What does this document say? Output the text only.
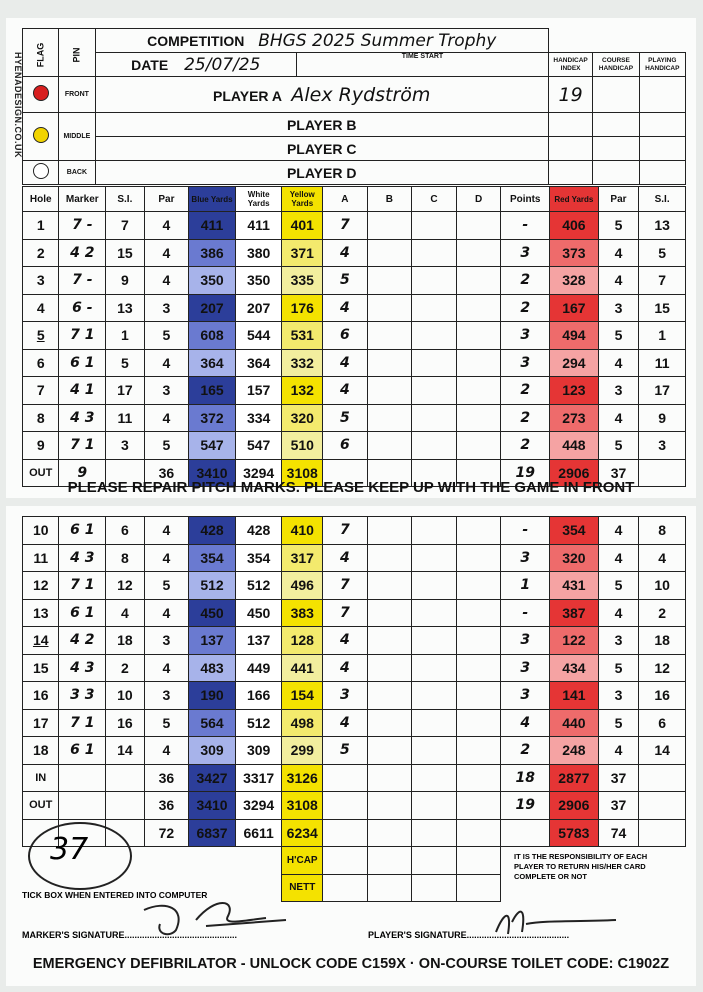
HYENADESIGN.CO.UK FLAG	PIN	COMPETITION BHGS 2025 Summer Trophy				
		DATE 25/07/25	TIME START	HANDICAP INDEX	COURSE HANDICAP	PLAYING HANDICAP
	FRONT	PLAYER A Alex Rydström		19		
	MIDDLE	PLAYER B				
		PLAYER C				
	BACK	PLAYER D				
Hole	Marker	S.I.	Par	Blue Yards	White Yards	Yellow Yards	A	B	C	D	Points	Red Yards	Par	S.I.
1	7 -	7	4	411	411	401	7				-	406	5	13
2	4 2	15	4	386	380	371	4				3	373	4	5
3	7 -	9	4	350	350	335	5				2	328	4	7
4	6 -	13	3	207	207	176	4				2	167	3	15
5	7 1	1	5	608	544	531	6				3	494	5	1
6	6 1	5	4	364	364	332	4				3	294	4	11
7	4 1	17	3	165	157	132	4				2	123	3	17
8	4 3	11	4	372	334	320	5				2	273	4	9
9	7 1	3	5	547	547	510	6				2	448	5	3
OUT	9		36	3410	3294	3108					19	2906	37	
PLEASE REPAIR PITCH MARKS. PLEASE KEEP UP WITH THE GAME IN FRONT
10	6 1	6	4	428	428	410	7				-	354	4	8
11	4 3	8	4	354	354	317	4				3	320	4	4
12	7 1	12	5	512	512	496	7				1	431	5	10
13	6 1	4	4	450	450	383	7				-	387	4	2
14	4 2	18	3	137	137	128	4				3	122	3	18
15	4 3	2	4	483	449	441	4				3	434	5	12
16	3 3	10	3	190	166	154	3				3	141	3	16
17	7 1	16	5	564	512	498	4				4	440	5	6
18	6 1	14	4	309	309	299	5				2	248	4	14
IN			36	3427	3317	3126					18	2877	37	
OUT			36	3410	3294	3108					19	2906	37	
			72	6837	6611	6234						5783	74	
						H'CAP								
						NETT								
37
TICK BOX WHEN ENTERED INTO COMPUTER
IT IS THE RESPONSIBILITY OF EACH PLAYER TO RETURN HIS/HER CARD COMPLETE OR NOT
MARKER'S SIGNATURE.............................................	PLAYER'S SIGNATURE.........................................
EMERGENCY DEFIBRILATOR - UNLOCK CODE C159X · ON-COURSE TOILET CODE: C1902Z
